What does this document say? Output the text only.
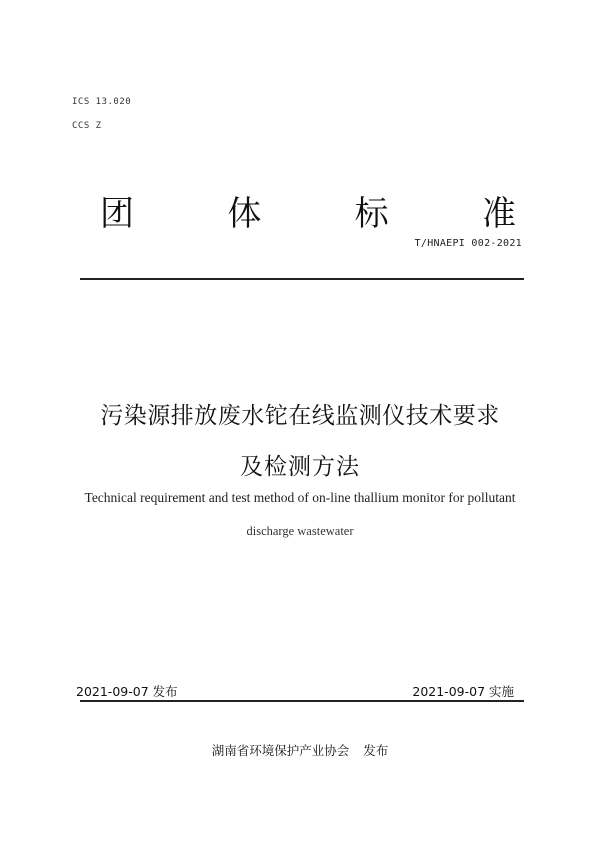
ICS 13.020
CCS Z
团	体	标	准
T/HNAEPI 002-2021
污染源排放废水铊在线监测仪技术要求
及检测方法
Technical requirement and test method of on-line thallium monitor for pollutant
discharge wastewater
2021-09-07 发布	2021-09-07 实施
湖南省环境保护产业协会 发布
